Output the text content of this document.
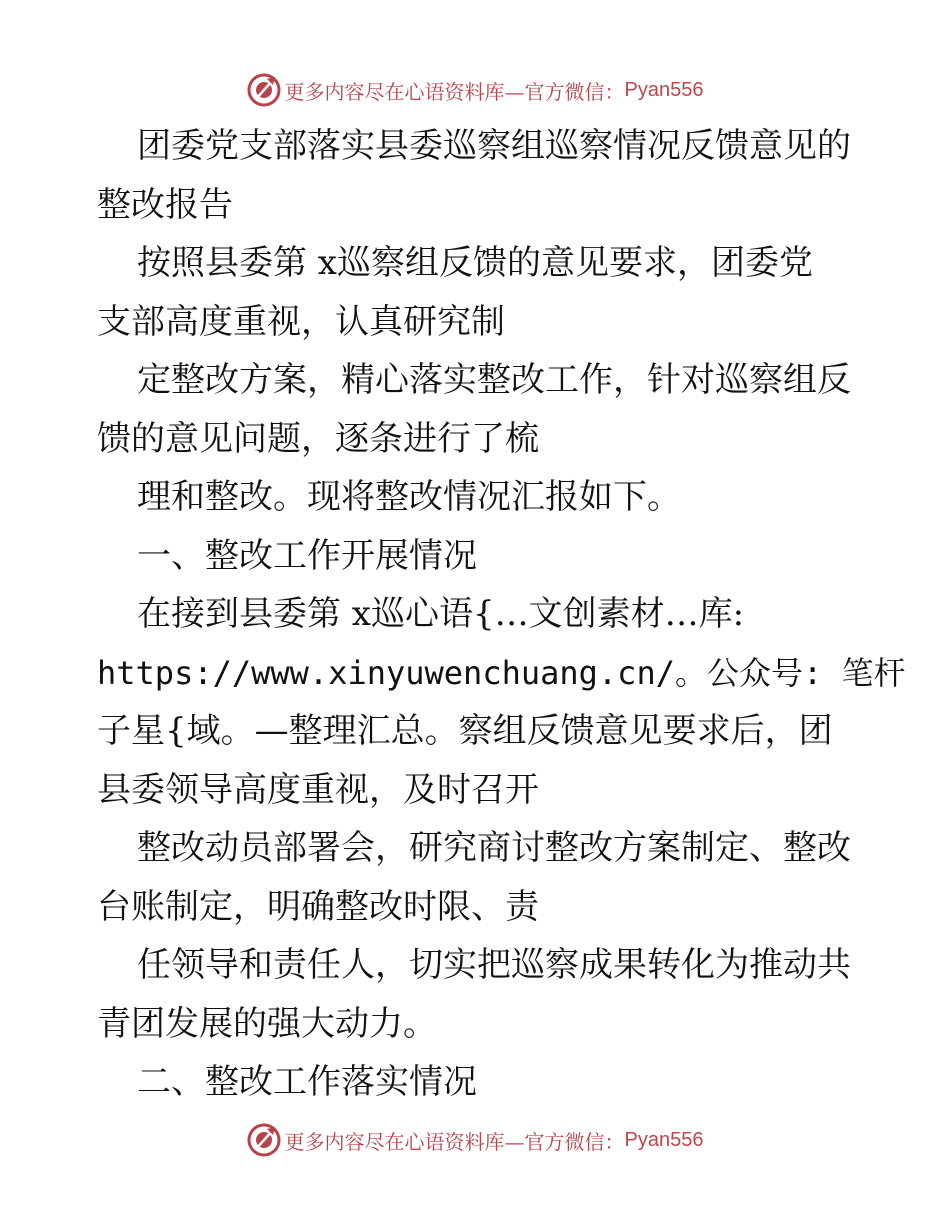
更多内容尽在心语资料库—官方微信： Pyan556
团委党支部落实县委巡察组巡察情况反馈意见的
整改报告
按照县委第 x巡察组反馈的意见要求，团委党
支部高度重视，认真研究制
定整改方案，精心落实整改工作，针对巡察组反
馈的意见问题，逐条进行了梳
理和整改。现将整改情况汇报如下。
一、整改工作开展情况
在接到县委第 x巡心语{…文创素材…库:
https://www.xinyuwenchuang.cn/。公众号: 笔杆
子星{域。—整理汇总。察组反馈意见要求后，团
县委领导高度重视，及时召开
整改动员部署会，研究商讨整改方案制定、整改
台账制定，明确整改时限、责
任领导和责任人，切实把巡察成果转化为推动共
青团发展的强大动力。
二、整改工作落实情况
更多内容尽在心语资料库—官方微信： Pyan556
